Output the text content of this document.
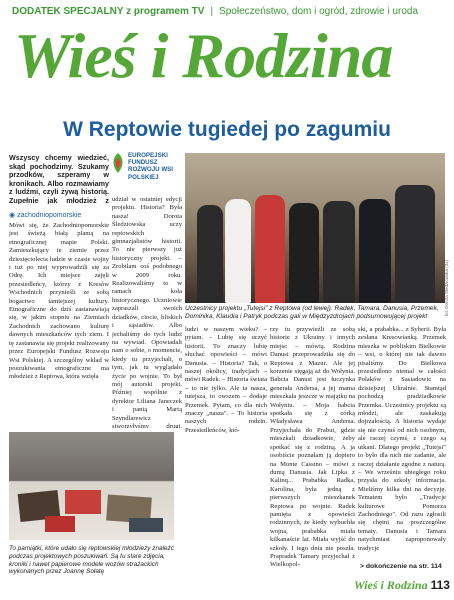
DODATEK SPECJALNY z programem TV | Społeczeństwo, dom i ogród, zdrowie i uroda
Wieś i Rodzina
W Reptowie tugiedej po zagumiu
Wszyscy chcemy wiedzieć, skąd pochodzimy. Szukamy przodków, szperamy w kronikach. Albo rozmawiamy z ludźmi, czyli żywą historią. Zupełnie jak młodzież z
EUROPEJSKI FUNDUSZ ROZWOJU WSI POLSKIEJ
◉ zachodniopomorskie
Mówi się, że Zachodniopomorskie jest świeżą białą plamą na etnograficznej mapie Polski. Zamieszkujący te ziemie przez dziesięciolecia ludzie w czasie wojny i tuż po niej wyprowadzili się za Odrę. Ich miejsce zajęli przesiedleńcy, którzy z Kresów Wschodnich przynieśli ze sobą bogactwo tamtejszej kultury. Etnograficzne do dziś zastanawiają się, w jakim stopniu na Ziemiach Zachodnich zachowano kulturę dawnych mieszkańców tych ziem. I tę zastanawia się projekt realizowany przez Europejski Fundusz Rozwoju Wsi Polskiej. A szczególny wkład w poszukiwania etnograficzne ma młodzież z Reptowa, która wzięła
udział w ostatniej edycji projektu. Historia? Była nasza! Dorota Śledziowska uczy reptowskich gimnazjalistów historii. To nie pierwszy już historyczny projekt. – Zrobiłam coś podobnego w 2009 roku. Realizowaliśmy to w ramach koła historycznego. Uczniowie zapraszali swoich dziadków, ciocie, bliskich i sąsiadów. Albo jechaliśmy do tych ludzi na wywiad. Opowiadali nam o sobie, o momencie, kiedy tu przyjechali, o tym, jak tu wyglądało życie po wojnie. To był mój autorski projekt. Później wspólnie z dyrektor Liliana Janeczek i panią Martą Szyndlarewicz stworzyłyśmy drugi,
fot. Dorota Śledziowska (3x)
Uczestnicy projektu „Tutejsi" z Reptowa (od lewej): Radek, Tamara, Danusia, Przemek, Dominika, Klaudia i Patryk podczas gali w Międzyzdrojach podsumowującej projekt
ludzi w naszym wieku? – pytam. – Lubię się uczyć historii. To znaczy lubię słuchać opowieści – mówi Danusia. – Historia? Tak, o naszej okolicy, tradycjach – mówi Radek. – Historia świata – to nie tylko. Ale ta nasza, tutejsza, to owszem – dodaje Przemek. Pytam, co dla nich znaczy „nasza". – To historia naszych rodzin. Przesiedleńców, któ-
rzy tu przywieźli ze sobą historie z Ukrainy i innych miejsc – mówią. Rodzina Danusi przeprowadziła się do Reptowa z Mazur. Ale jej korzenie sięgają aż do Wołynia. Babcia Danusi jest łuczynka generała Andersa, a jej mama mieszkała jeszcze w majątku na Wołyniu. – Moja babcia spotkała się z córką Władysława Andersa. Przyjechała do Prabut, gdzie mieszkali dziadkowie, żeby spotkać się z rodziną. A ja osobiście poznałam ją dopiero na Monte Cassino – mówi z dumą Danusia. Jak Lipka z Kalinq... Prababka Radka, Karolina, była jedną z pierwszych mieszkanek Reptowa po wojnie. Radek pamięta z opowieści rodzinnych, że kiedy wybuchła wojna, prababka miała kilkanaście lat. Miała wyjść do szkoły. I tego dnia nie poszła. Prapradek Tamary przyjechał z Wielkopol-
ski, a prababka... z Syberii. Była zesłana Kresowianką. Przemek mieszka w pobliskim Bielkowie – wsi, o której nie tak dawno pisaliśmy. Do Bielkowa przesiedlono niemal w całości Polaków z Sasiadowic na dzisiejszej Ukrainie. Stamtąd pochodzą pradziadkowie Przemka. Uczestnicy projektu są młodzi, ale zaskakują dojrzałością. A historia wydaje się nie czymś od nich osobnym, ale raczej czymś, z czego są utkani. Dlatego projekt „Tutejsi" to było dla nich nie zadanie, ale raczej działanie zgodne z naturą. – We wrześniu ubiegłego roku przysła do szkoły informacja. Mieliśmy kilka dni na decyzję. Tematem było „Tradycje kulturowe Pomorza Zachodniego". Od razu zgłosili się chętni na poszczególne tematy. Danusia i Tamara natychmiast zaproponowały tradycje
To pamiątki, które udało się reptowskiej młodzieży znaleźć podczas projektowych poszukiwań. Są tu stare zdjęcia, kroniki i nawet papierowe modele wozów strażackich wykonanych przez Joannę Sołatę
> dokończenie na str. 114
Wieś i Rodzina 113
